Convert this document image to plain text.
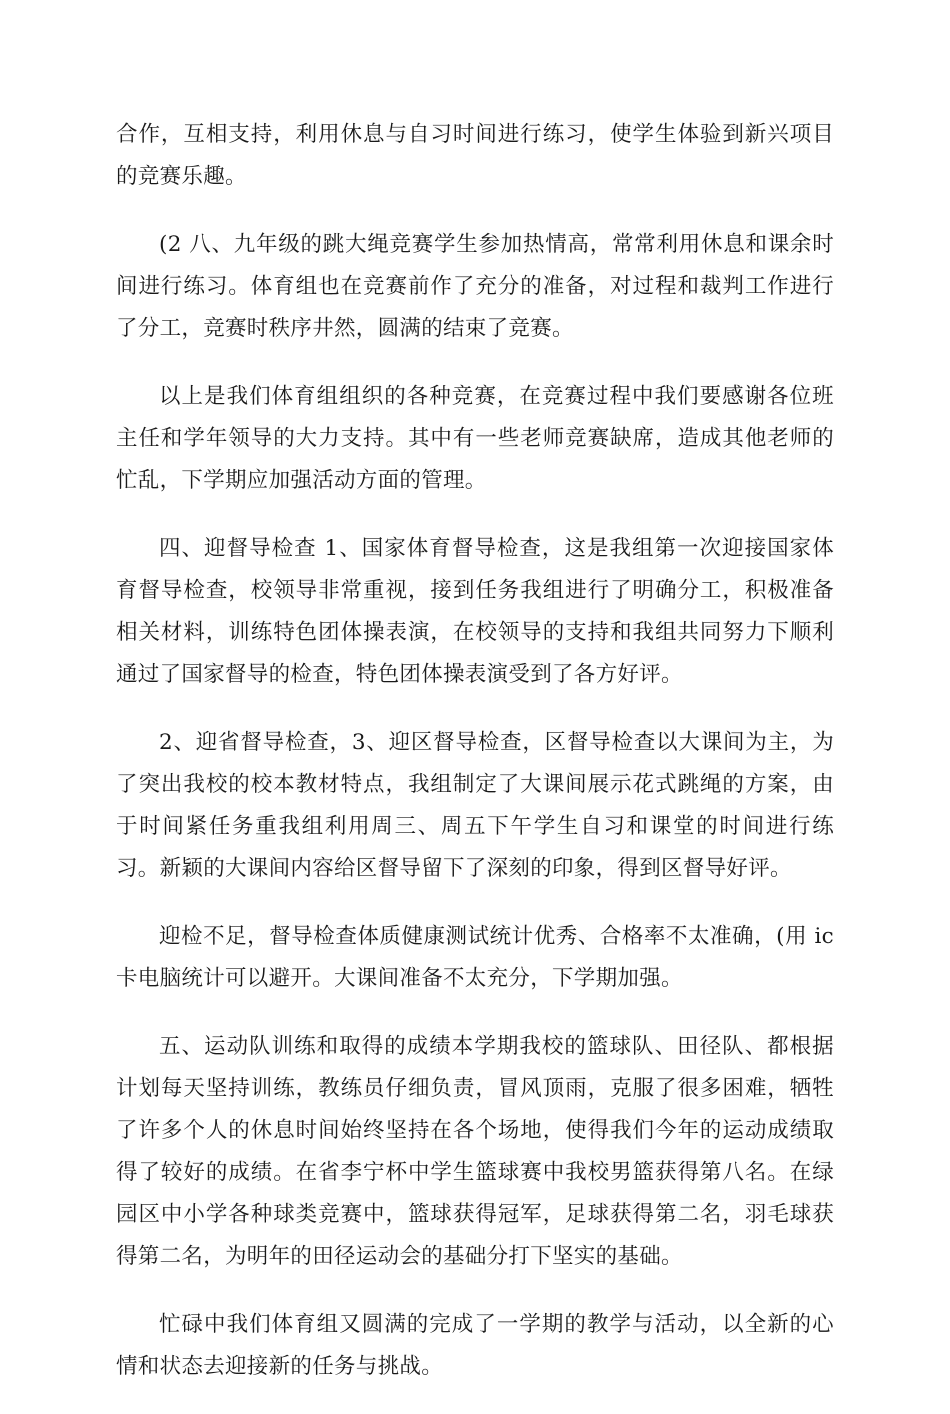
合作，互相支持，利用休息与自习时间进行练习，使学生体验到新兴项目的竞赛乐趣。

(2 八、九年级的跳大绳竞赛学生参加热情高，常常利用休息和课余时间进行练习。体育组也在竞赛前作了充分的准备，对过程和裁判工作进行了分工，竞赛时秩序井然，圆满的结束了竞赛。

以上是我们体育组组织的各种竞赛，在竞赛过程中我们要感谢各位班主任和学年领导的大力支持。其中有一些老师竞赛缺席，造成其他老师的忙乱，下学期应加强活动方面的管理。

四、迎督导检查 1、国家体育督导检查，这是我组第一次迎接国家体育督导检查，校领导非常重视，接到任务我组进行了明确分工，积极准备相关材料，训练特色团体操表演，在校领导的支持和我组共同努力下顺利通过了国家督导的检查，特色团体操表演受到了各方好评。

2、迎省督导检查，3、迎区督导检查，区督导检查以大课间为主，为了突出我校的校本教材特点，我组制定了大课间展示花式跳绳的方案，由于时间紧任务重我组利用周三、周五下午学生自习和课堂的时间进行练习。新颖的大课间内容给区督导留下了深刻的印象，得到区督导好评。

迎检不足，督导检查体质健康测试统计优秀、合格率不太准确，(用 ic 卡电脑统计可以避开。大课间准备不太充分，下学期加强。

五、运动队训练和取得的成绩本学期我校的篮球队、田径队、都根据计划每天坚持训练，教练员仔细负责，冒风顶雨，克服了很多困难，牺牲了许多个人的休息时间始终坚持在各个场地，使得我们今年的运动成绩取得了较好的成绩。在省李宁杯中学生篮球赛中我校男篮获得第八名。在绿园区中小学各种球类竞赛中，篮球获得冠军，足球获得第二名，羽毛球获得第二名，为明年的田径运动会的基础分打下坚实的基础。

忙碌中我们体育组又圆满的完成了一学期的教学与活动，以全新的心情和状态去迎接新的任务与挑战。
